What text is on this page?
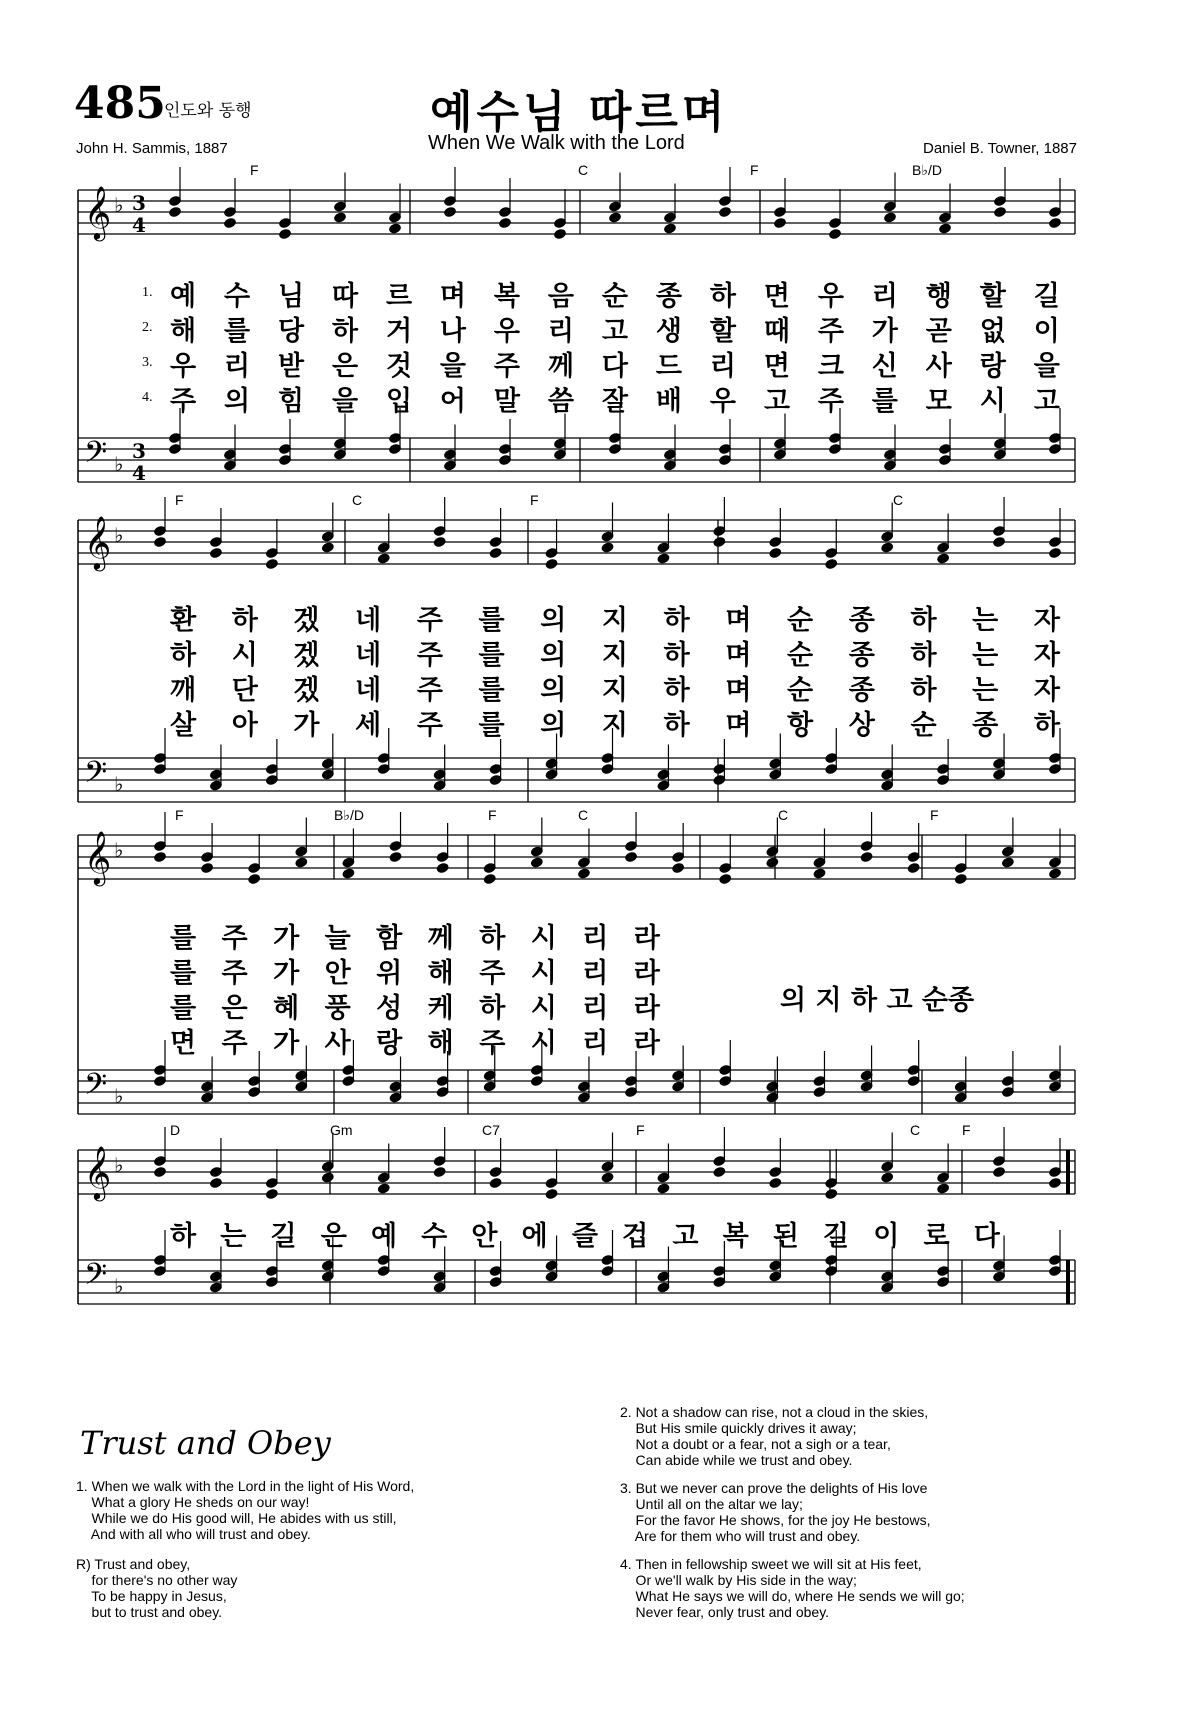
485
인도와 동행	예수님 따르며
When We Walk with the Lord
John H. Sammis, 1887	Daniel B. Towner, 1887
𝄞
𝄢
♭
♭
3
4
3
4
𝄞
𝄢
♭
♭
𝄞
𝄢
♭
♭
𝄞
𝄢
♭
♭
F	C	F	B♭/D
F	C	F	C
F	B♭/D	F	C	C	F
D	Gm	C7	F	C	F
1.
2.
3.
4.
예 수 님 따 르 며 복 음 순 종 하 면 우 리 행 할 길
해 를 당 하 거 나 우 리 고 생 할 때 주 가 곧 없 이
우 리 받 은 것 을 주 께 다 드 리 면 크 신 사 랑 을
주 의 힘 을 입 어 말 씀 잘 배 우 고 주 를 모 시 고
환 하 겠 네 주 를 의 지 하 며 순 종 하 는 자
하 시 겠 네 주 를 의 지 하 며 순 종 하 는 자
깨 단 겠 네 주 를 의 지 하 며 순 종 하 는 자
살 아 가 세 주 를 의 지 하 며 항 상 순 종 하
를 주 가 늘 함 께 하 시 리 라
를 주 가 안 위 해 주 시 리 라
를 은 혜 풍 성 케 하 시 리 라
면 주 가 사 랑 해 주 시 리 라
하 는 길 은 예 수 안 에 즐 겁 고 복 된 길 이 로 다
의 지 하 고 순종
Trust and Obey
1. When we walk with the Lord in the light of His Word,
What a glory He sheds on our way!
While we do His good will, He abides with us still,
And with all who will trust and obey.
R) Trust and obey,
for there's no other way
To be happy in Jesus,
but to trust and obey.
2. Not a shadow can rise, not a cloud in the skies,
But His smile quickly drives it away;
Not a doubt or a fear, not a sigh or a tear,
Can abide while we trust and obey.
3. But we never can prove the delights of His love
Until all on the altar we lay;
For the favor He shows, for the joy He bestows,
Are for them who will trust and obey.
4. Then in fellowship sweet we will sit at His feet,
Or we'll walk by His side in the way;
What He says we will do, where He sends we will go;
Never fear, only trust and obey.
